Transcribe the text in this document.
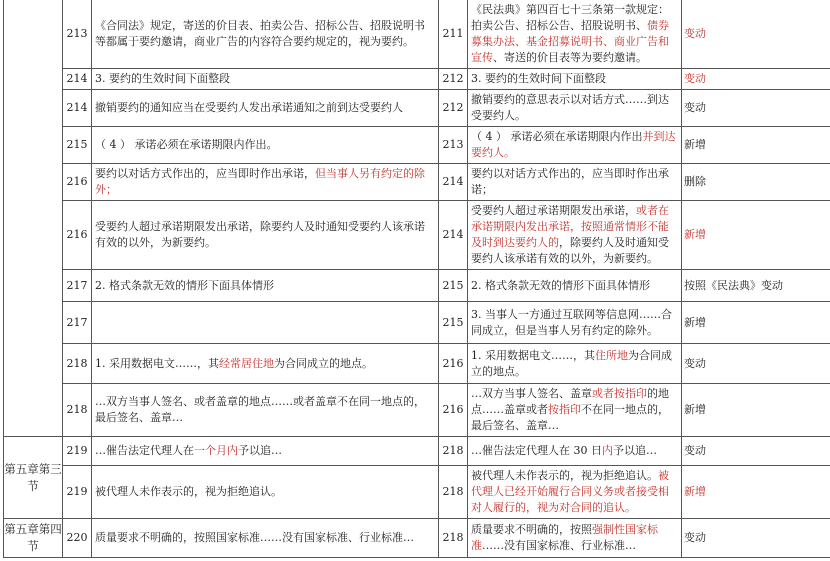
	213	《合同法》规定，寄送的价目表、拍卖公告、招标公告、招股说明书等都属于要约邀请，商业广告的内容符合要约规定的，视为要约。	211	《民法典》第四百七十三条第一款规定：拍卖公告、招标公告、招股说明书、债券募集办法、基金招募说明书、商业广告和宣传、寄送的价目表等为要约邀请。	变动
	214	3. 要约的生效时间下面整段	212	3. 要约的生效时间下面整段	变动
	214	撤销要约的通知应当在受要约人发出承诺通知之前到达受要约人	212	撤销要约的意思表示以对话方式……到达受要约人。	变动
	215	（ 4 ） 承诺必须在承诺期限内作出。	213	（ 4 ） 承诺必须在承诺期限内作出并到达要约人。	新增
	216	要约以对话方式作出的，应当即时作出承诺，但当事人另有约定的除外；	214	要约以对话方式作出的，应当即时作出承诺；	删除
	216	受要约人超过承诺期限发出承诺，除要约人及时通知受要约人该承诺有效的以外，为新要约。	214	受要约人超过承诺期限发出承诺，或者在承诺期限内发出承诺，按照通常情形不能及时到达要约人的，除要约人及时通知受要约人该承诺有效的以外，为新要约。	新增
	217	2. 格式条款无效的情形下面具体情形	215	2. 格式条款无效的情形下面具体情形	按照《民法典》变动
	217		215	3. 当事人一方通过互联网等信息网……合同成立，但是当事人另有约定的除外。	新增
	218	1. 采用数据电文……，其经常居住地为合同成立的地点。	216	1. 采用数据电文……，其住所地为合同成立的地点。	变动
	218	…双方当事人签名、或者盖章的地点……或者盖章不在同一地点的，最后签名、盖章…	216	…双方当事人签名、盖章或者按指印的地点……盖章或者按指印不在同一地点的，最后签名、盖章…	新增
第五章第三节	219	…催告法定代理人在一个月内予以追…	218	…催告法定代理人在 30 日内予以追…	变动
	219	被代理人未作表示的，视为拒绝追认。	218	被代理人未作表示的，视为拒绝追认。被代理人已经开始履行合同义务或者接受相对人履行的，视为对合同的追认。	新增
第五章第四节	220	质量要求不明确的，按照国家标准……没有国家标准、行业标准…	218	质量要求不明确的，按照强制性国家标准……没有国家标准、行业标准…	变动
